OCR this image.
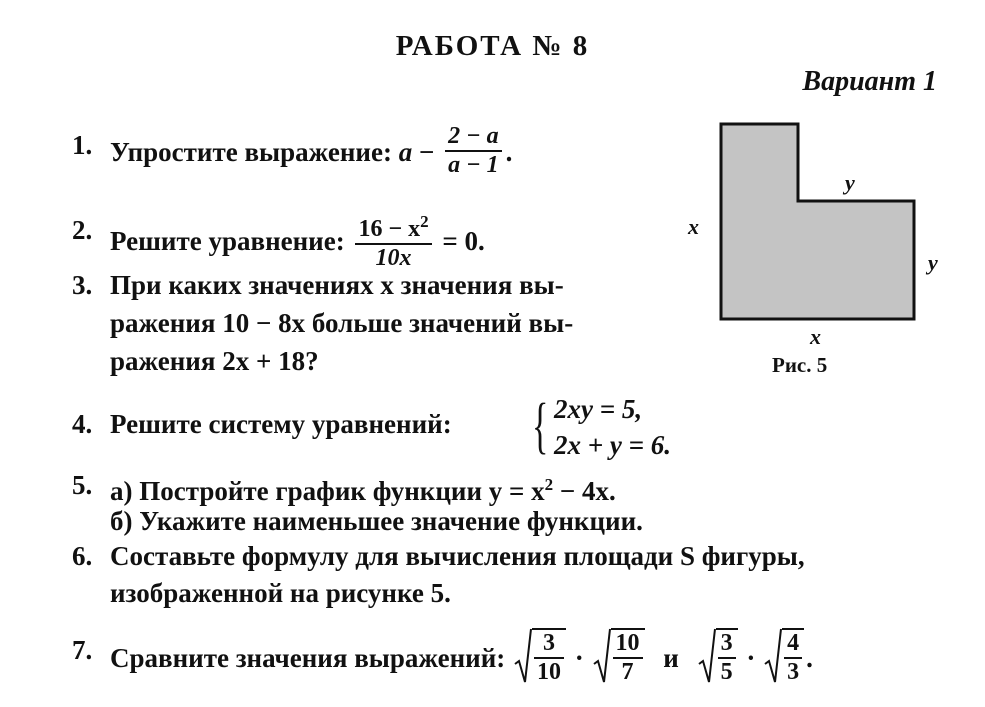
РАБОТА № 8
Вариант 1
1. Упростите выражение: $a - \frac{2 - a}{a - 1}$ .
2. Решите уравнение: $\frac{16 - x^2}{10x} = 0$.
3. При каких значениях x значения вы-
ражения 10 − 8x больше значений вы-
ражения 2x + 18?
4. Решите систему уравнений: { 2xy = 5,
2x + y = 6.
5. а) Постройте график функции $y = x^2 - 4x$.
б) Укажите наименьшее значение функции.
6. Составьте формулу для вычисления площади S фигуры,
изображенной на рисунке 5.
7. Сравните значения выражений: $\frac{3}{10} \cdot \frac{10}{7}$ и $\frac{3}{5} \cdot \frac{4}{3}$ .
x
y
y
x
Рис. 5
